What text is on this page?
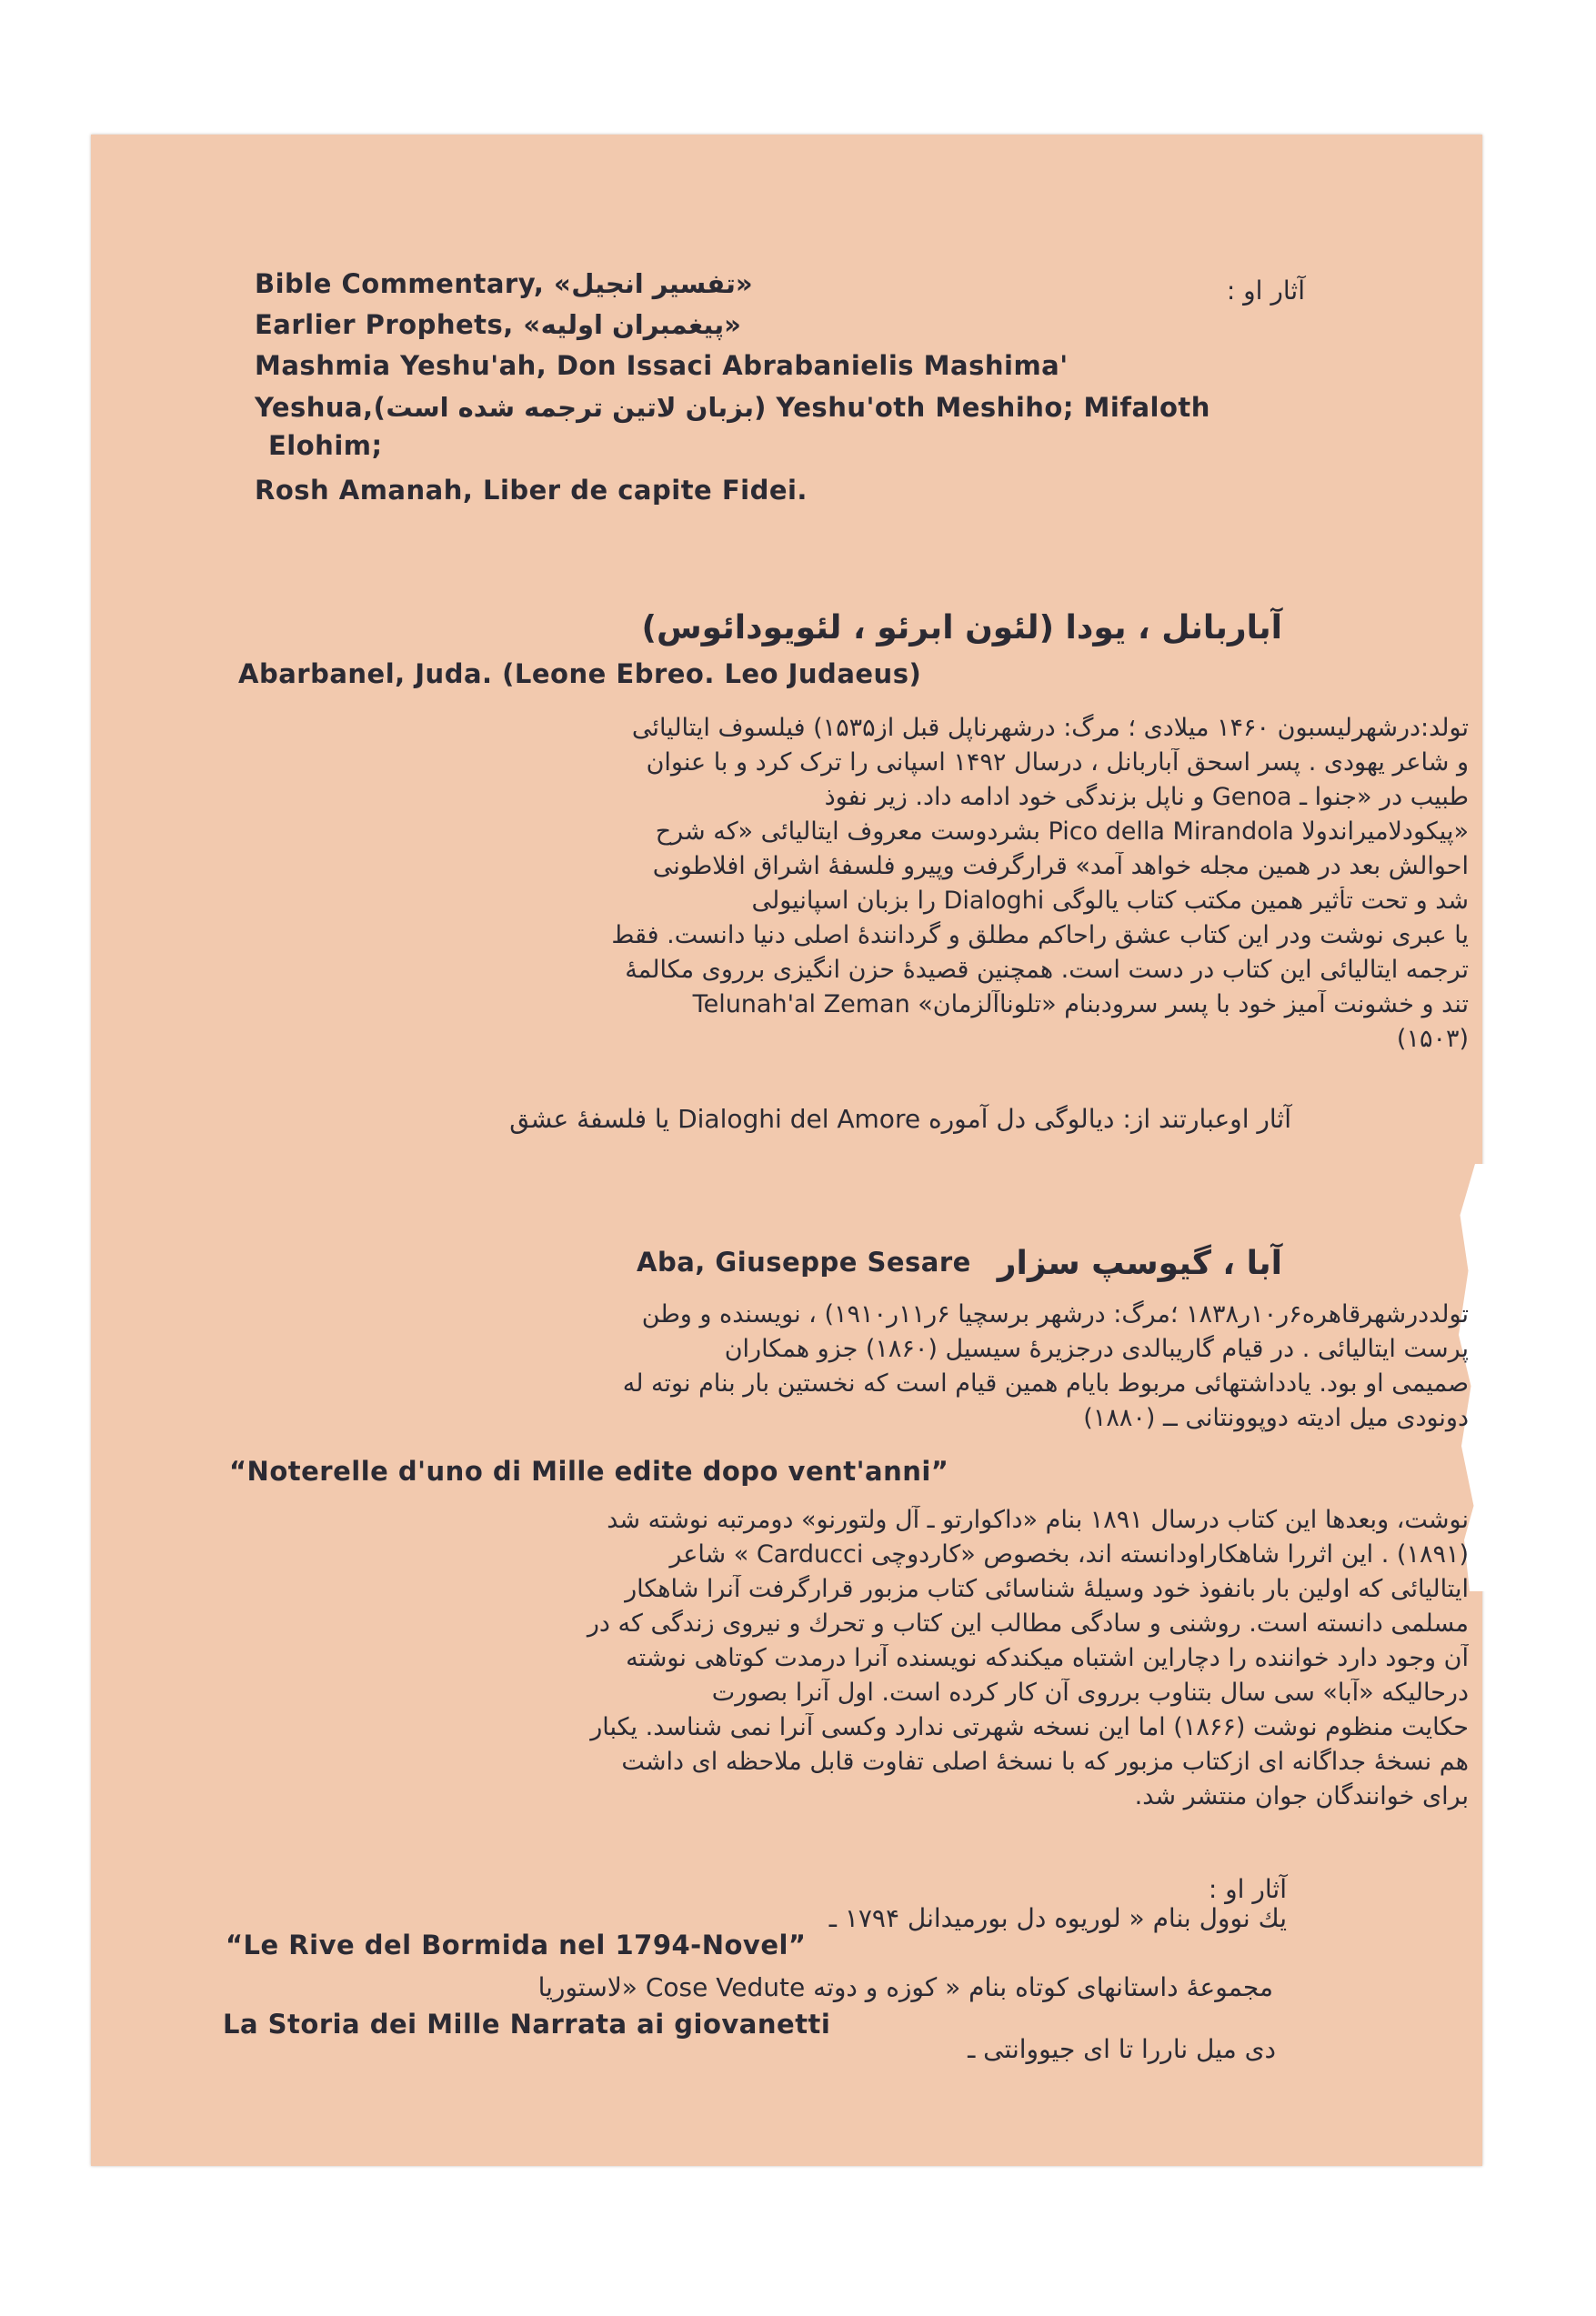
آثار او :
Bible Commentary, «تفسیر انجیل»
Earlier Prophets, «پیغمبران اولیه»
Mashmia Yeshu'ah, Don Issaci Abrabanielis Mashima'
Yeshua,(بزبان لاتین ترجمه شده است) Yeshu'oth Meshiho; Mifaloth
Elohim;
Rosh Amanah, Liber de capite Fidei.
آباربانل ، یودا (لئون ابرئو ، لئویودائوس)
Abarbanel, Juda. (Leone Ebreo. Leo Judaeus)
تولد:درشهرلیسبون ۱۴۶۰ میلادی ؛ مرگ: درشهرناپل قبل از۱۵۳۵) فیلسوف ایتالیائی
و شاعر یهودی . پسر اسحق آباربانل ، درسال ۱۴۹۲ اسپانی را ترک کرد و با عنوان
طبیب در «جنوا ـ Genoa و ناپل بزندگی خود ادامه داد. زیر نفوذ
«پیکودلامیراندولا Pico della Mirandola بشردوست معروف ایتالیائی «که شرح
احوالش بعد در همین مجله خواهد آمد» قرارگرفت وپیرو فلسفهٔ اشراق افلاطونی
شد و تحت تأثیر همین مکتب کتاب یالوگی Dialoghi را بزبان اسپانیولی
یا عبری نوشت ودر این کتاب عشق راحاکم مطلق و گردانندهٔ اصلی دنیا دانست. فقط
ترجمه ایتالیائی این کتاب در دست است. همچنین قصیدهٔ حزن انگیزی برروی مکالمهٔ
تند و خشونت آمیز خود با پسر سرودبنام «تلوناآلزمان» Telunah'al Zeman
(۱۵۰۳)
آثار اوعبارتند از: دیالوگی دل آموره Dialoghi del Amore یا فلسفهٔ عشق
آبا ، گیوسپ سزار
Aba, Giuseppe Sesare
تولددرشهرقاهره۶ر۱۰ر۱۸۳۸ ؛مرگ: درشهر برسچیا ۶ر۱۱ر۱۹۱۰) ، نویسنده و وطن
پرست ایتالیائی . در قیام گاریبالدی درجزیرهٔ سیسیل (۱۸۶۰) جزو همکاران
صمیمی او بود. یادداشتهائی مربوط بایام همین قیام است که نخستین بار بنام نوته له
دونودی میل ادیته دوپوونتانی ــ (۱۸۸۰)
“Noterelle d'uno di Mille edite dopo vent'anni”
نوشت، وبعدها این کتاب درسال ۱۸۹۱ بنام «داکوارتو ـ آل ولتورنو» دومرتبه نوشته شد
(۱۸۹۱) . این اثررا شاهکاراودانسته اند، بخصوص «کاردوچی Carducci » شاعر
ایتالیائی که اولین بار بانفوذ خود وسیلهٔ شناسائی کتاب مزبور قرارگرفت آنرا شاهکار
مسلمی دانسته است. روشنی و سادگی مطالب این کتاب و تحرك و نیروی زندگی که در
آن وجود دارد خواننده را دچاراین اشتباه میکندکه نویسنده آنرا درمدت کوتاهی نوشته
درحالیکه «آبا» سی سال بتناوب برروی آن کار کرده است. اول آنرا بصورت
حکایت منظوم نوشت (۱۸۶۶) اما این نسخه شهرتی ندارد وکسی آنرا نمی شناسد. یکبار
هم نسخهٔ جداگانه ای ازکتاب مزبور که با نسخهٔ اصلی تفاوت قابل ملاحظه ای داشت
برای خوانندگان جوان منتشر شد.
آثار او :
یك نوول بنام « لوریوه دل بورمیدانل ۱۷۹۴ ـ
“Le Rive del Bormida nel 1794-Novel”
مجموعهٔ داستانهای کوتاه بنام « کوزه و دوته Cose Vedute «لاستوریا
La Storia dei Mille Narrata ai giovanetti
دی میل ناررا تا ای جیووانتی ـ
